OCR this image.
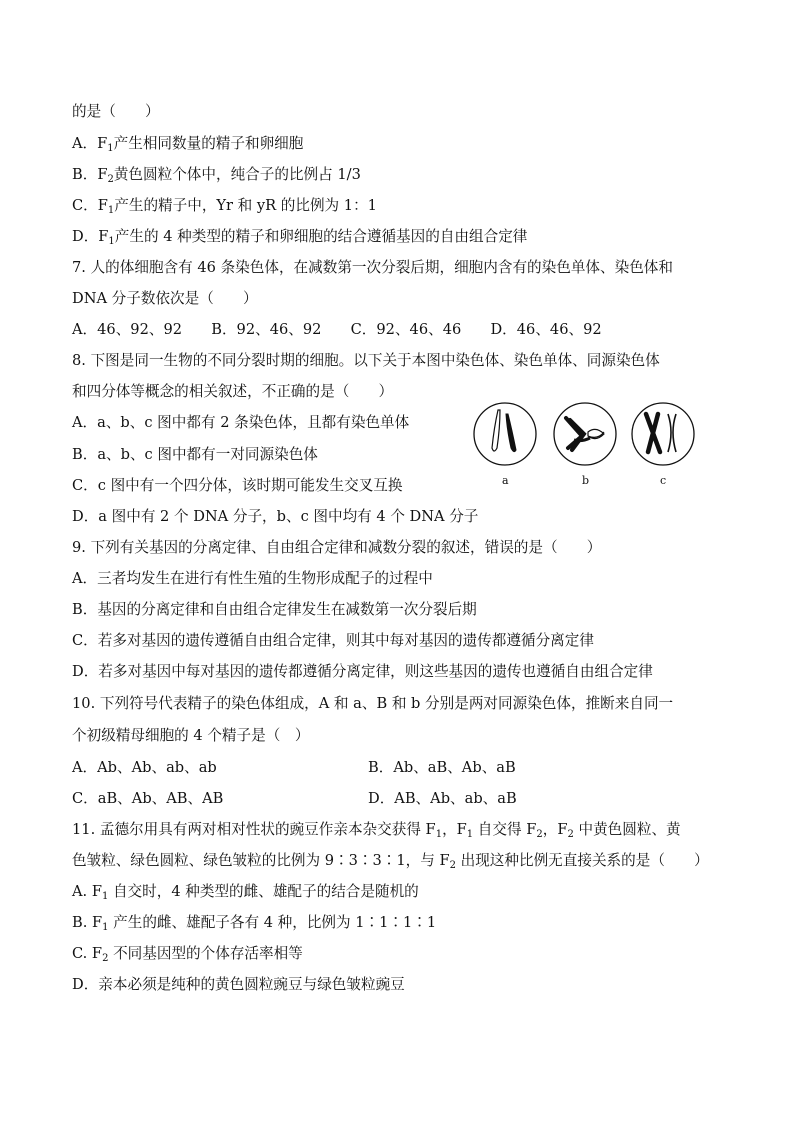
的是（　　）
A．$F_1$产生相同数量的精子和卵细胞
B．$F_2$黄色圆粒个体中，纯合子的比例占 1/3
C．$F_1$产生的精子中，Yr 和 yR 的比例为 1：1
D．$F_1$产生的 4 种类型的精子和卵细胞的结合遵循基因的自由组合定律
7. 人的体细胞含有 46 条染色体，在减数第一次分裂后期，细胞内含有的染色单体、染色体和
DNA 分子数依次是（　　）
A．46、92、92　　B．92、46、92　　C．92、46、46　　D．46、46、92
8. 下图是同一生物的不同分裂时期的细胞。以下关于本图中染色体、染色单体、同源染色体
和四分体等概念的相关叙述，不正确的是（　　）
A．a、b、c 图中都有 2 条染色体，且都有染色单体
B．a、b、c 图中都有一对同源染色体
C．c 图中有一个四分体，该时期可能发生交叉互换
D．a 图中有 2 个 DNA 分子，b、c 图中均有 4 个 DNA 分子
a	b	c
9. 下列有关基因的分离定律、自由组合定律和减数分裂的叙述，错误的是（　　）
A．三者均发生在进行有性生殖的生物形成配子的过程中
B．基因的分离定律和自由组合定律发生在减数第一次分裂后期
C．若多对基因的遗传遵循自由组合定律，则其中每对基因的遗传都遵循分离定律
D．若多对基因中每对基因的遗传都遵循分离定律，则这些基因的遗传也遵循自由组合定律
10. 下列符号代表精子的染色体组成，A 和 a、B 和 b 分别是两对同源染色体，推断来自同一
个初级精母细胞的 4 个精子是（　）
A．Ab、Ab、ab、ab	B．Ab、aB、Ab、aB
C．aB、Ab、AB、AB	D．AB、Ab、ab、aB
11. 孟德尔用具有两对相对性状的豌豆作亲本杂交获得 $F_1$，$F_1$ 自交得 $F_2$，$F_2$ 中黄色圆粒、黄
色皱粒、绿色圆粒、绿色皱粒的比例为 9∶3∶3∶1，与 $F_2$ 出现这种比例无直接关系的是（　　）
A. $F_1$ 自交时，4 种类型的雌、雄配子的结合是随机的
B. $F_1$ 产生的雌、雄配子各有 4 种，比例为 1∶1∶1∶1
C. $F_2$ 不同基因型的个体存活率相等
D．亲本必须是纯种的黄色圆粒豌豆与绿色皱粒豌豆
